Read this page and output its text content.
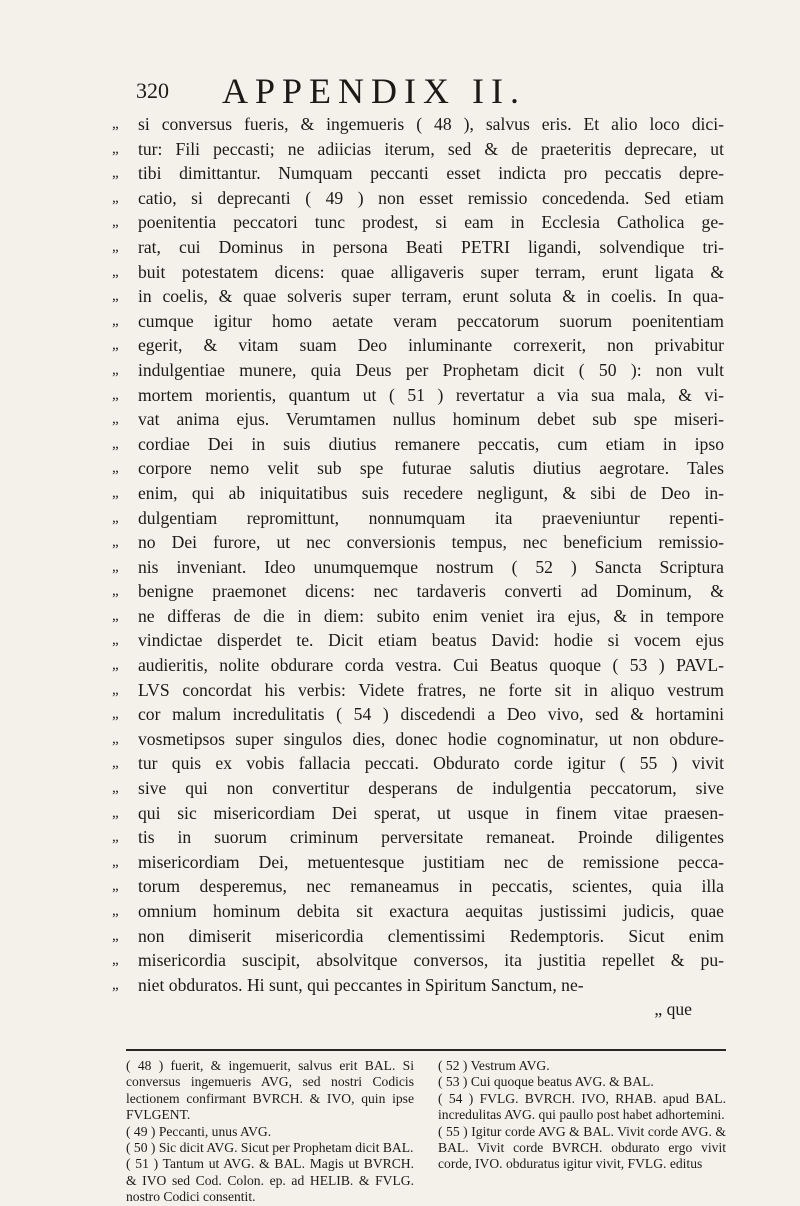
320 APPENDIX II.
„	si conversus fueris, & ingemueris ( 48 ), salvus eris. Et alio loco dici-
„	tur: Fili peccasti; ne adiicias iterum, sed & de praeteritis deprecare, ut
„	tibi dimittantur. Numquam peccanti esset indicta pro peccatis depre-
„	catio, si deprecanti ( 49 ) non esset remissio concedenda. Sed etiam
„	poenitentia peccatori tunc prodest, si eam in Ecclesia Catholica ge-
„	rat, cui Dominus in persona Beati PETRI ligandi, solvendique tri-
„	buit potestatem dicens: quae alligaveris super terram, erunt ligata &
„	in coelis, & quae solveris super terram, erunt soluta & in coelis. In qua-
„	cumque igitur homo aetate veram peccatorum suorum poenitentiam
„	egerit, & vitam suam Deo inluminante correxerit, non privabitur
„	indulgentiae munere, quia Deus per Prophetam dicit ( 50 ): non vult
„	mortem morientis, quantum ut ( 51 ) revertatur a via sua mala, & vi-
„	vat anima ejus. Verumtamen nullus hominum debet sub spe miseri-
„	cordiae Dei in suis diutius remanere peccatis, cum etiam in ipso
„	corpore nemo velit sub spe futurae salutis diutius aegrotare. Tales
„	enim, qui ab iniquitatibus suis recedere negligunt, & sibi de Deo in-
„	dulgentiam repromittunt, nonnumquam ita praeveniuntur repenti-
„	no Dei furore, ut nec conversionis tempus, nec beneficium remissio-
„	nis inveniant. Ideo unumquemque nostrum ( 52 ) Sancta Scriptura
„	benigne praemonet dicens: nec tardaveris converti ad Dominum, &
„	ne differas de die in diem: subito enim veniet ira ejus, & in tempore
„	vindictae disperdet te. Dicit etiam beatus David: hodie si vocem ejus
„	audieritis, nolite obdurare corda vestra. Cui Beatus quoque ( 53 ) PAVL-
„	LVS concordat his verbis: Videte fratres, ne forte sit in aliquo vestrum
„	cor malum incredulitatis ( 54 ) discedendi a Deo vivo, sed & hortamini
„	vosmetipsos super singulos dies, donec hodie cognominatur, ut non obdure-
„	tur quis ex vobis fallacia peccati. Obdurato corde igitur ( 55 ) vivit
„	sive qui non convertitur desperans de indulgentia peccatorum, sive
„	qui sic misericordiam Dei sperat, ut usque in finem vitae praesen-
„	tis in suorum criminum perversitate remaneat. Proinde diligentes
„	misericordiam Dei, metuentesque justitiam nec de remissione pecca-
„	torum desperemus, nec remaneamus in peccatis, scientes, quia illa
„	omnium hominum debita sit exactura aequitas justissimi judicis, quae
„	non dimiserit misericordia clementissimi Redemptoris. Sicut enim
„	misericordia suscipit, absolvitque conversos, ita justitia repellet & pu-
„	niet obduratos. Hi sunt, qui peccantes in Spiritum Sanctum, ne-
„ que

( 48 ) fuerit, & ingemuerit, salvus erit BAL. Si conversus ingemueris AVG, sed nostri Codicis lectionem confirmant BVRCH. & IVO, quin ipse FVLGENT.

( 49 ) Peccanti, unus AVG.

( 50 ) Sic dicit AVG. Sicut per Prophetam dicit BAL.

( 51 ) Tantum ut AVG. & BAL. Magis ut BVRCH. & IVO sed Cod. Colon. ep. ad HELIB. & FVLG. nostro Codici consentit.

( 52 ) Vestrum AVG.

( 53 ) Cui quoque beatus AVG. & BAL.

( 54 ) FVLG. BVRCH. IVO, RHAB. apud BAL. incredulitas AVG. qui paullo post habet adhortemini.

( 55 ) Igitur corde AVG & BAL. Vivit corde AVG. & BAL. Vivit corde BVRCH. obdurato ergo vivit corde, IVO. obduratus igitur vivit, FVLG. editus
